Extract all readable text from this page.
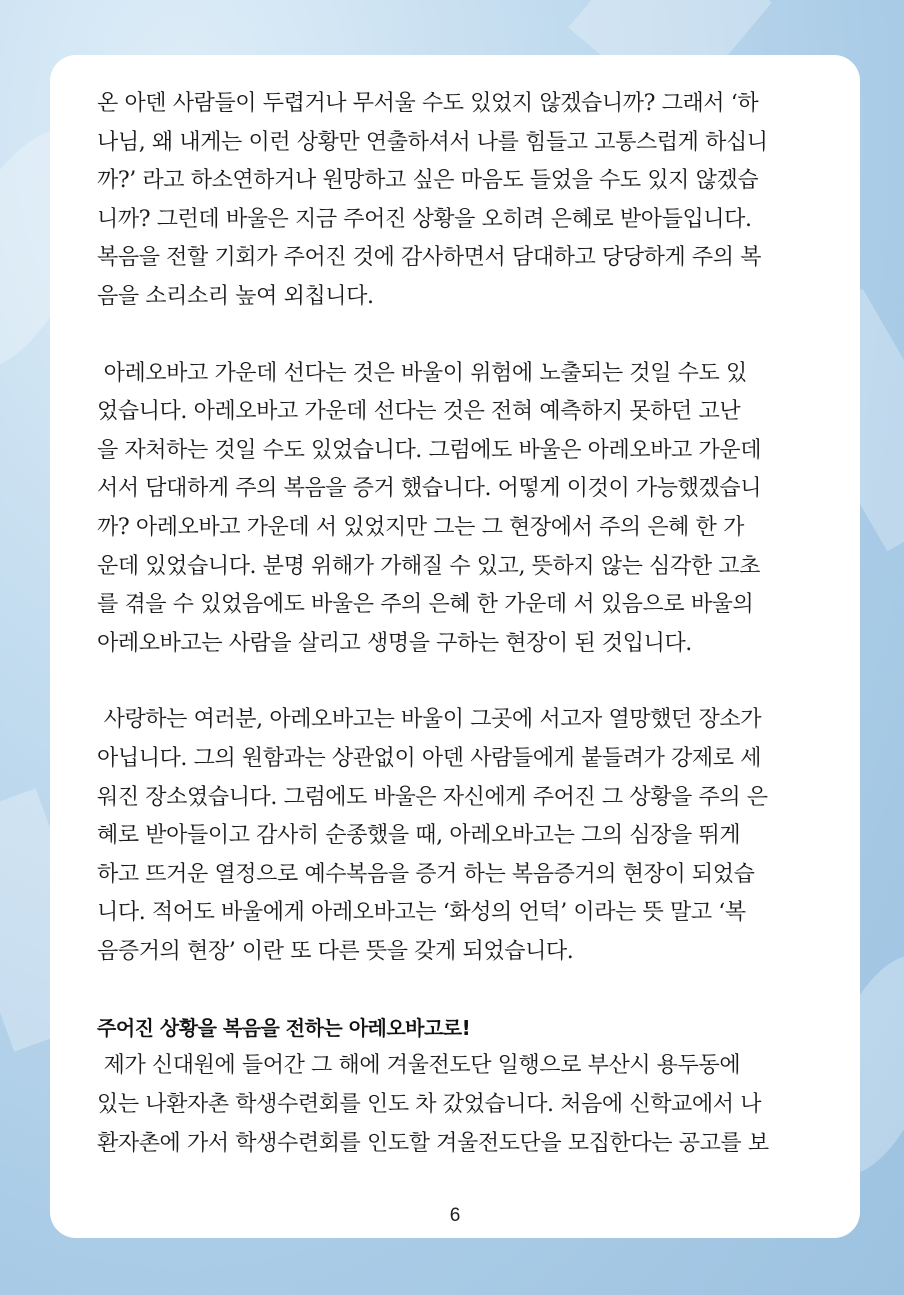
온 아덴 사람들이 두렵거나 무서울 수도 있었지 않겠습니까? 그래서 ‘하
나님, 왜 내게는 이런 상황만 연출하셔서 나를 힘들고 고통스럽게 하십니
까?’ 라고 하소연하거나 원망하고 싶은 마음도 들었을 수도 있지 않겠습
니까? 그런데 바울은 지금 주어진 상황을 오히려 은혜로 받아들입니다.
복음을 전할 기회가 주어진 것에 감사하면서 담대하고 당당하게 주의 복
음을 소리소리 높여 외칩니다.

아레오바고 가운데 선다는 것은 바울이 위험에 노출되는 것일 수도 있
었습니다. 아레오바고 가운데 선다는 것은 전혀 예측하지 못하던 고난
을 자처하는 것일 수도 있었습니다. 그럼에도 바울은 아레오바고 가운데
서서 담대하게 주의 복음을 증거 했습니다. 어떻게 이것이 가능했겠습니
까? 아레오바고 가운데 서 있었지만 그는 그 현장에서 주의 은혜 한 가
운데 있었습니다. 분명 위해가 가해질 수 있고, 뜻하지 않는 심각한 고초
를 겪을 수 있었음에도 바울은 주의 은혜 한 가운데 서 있음으로 바울의
아레오바고는 사람을 살리고 생명을 구하는 현장이 된 것입니다.

사랑하는 여러분, 아레오바고는 바울이 그곳에 서고자 열망했던 장소가
아닙니다. 그의 원함과는 상관없이 아덴 사람들에게 붙들려가 강제로 세
워진 장소였습니다. 그럼에도 바울은 자신에게 주어진 그 상황을 주의 은
혜로 받아들이고 감사히 순종했을 때, 아레오바고는 그의 심장을 뛰게
하고 뜨거운 열정으로 예수복음을 증거 하는 복음증거의 현장이 되었습
니다. 적어도 바울에게 아레오바고는 ‘화성의 언덕’ 이라는 뜻 말고 ‘복
음증거의 현장’ 이란 또 다른 뜻을 갖게 되었습니다.

주어진 상황을 복음을 전하는 아레오바고로!

제가 신대원에 들어간 그 해에 겨울전도단 일행으로 부산시 용두동에
있는 나환자촌 학생수련회를 인도 차 갔었습니다. 처음에 신학교에서 나
환자촌에 가서 학생수련회를 인도할 겨울전도단을 모집한다는 공고를 보

6
